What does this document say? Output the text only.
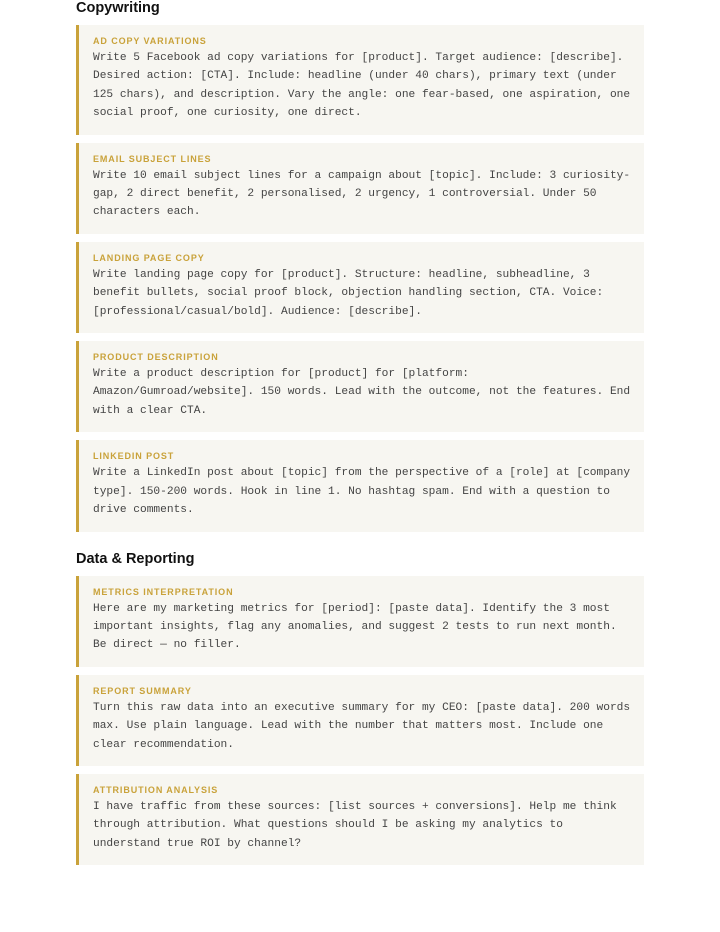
Copywriting
AD COPY VARIATIONS
Write 5 Facebook ad copy variations for [product]. Target audience: [describe]. Desired action: [CTA]. Include: headline (under 40 chars), primary text (under 125 chars), and description. Vary the angle: one fear-based, one aspiration, one social proof, one curiosity, one direct.
EMAIL SUBJECT LINES
Write 10 email subject lines for a campaign about [topic]. Include: 3 curiosity-gap, 2 direct benefit, 2 personalised, 2 urgency, 1 controversial. Under 50 characters each.
LANDING PAGE COPY
Write landing page copy for [product]. Structure: headline, subheadline, 3 benefit bullets, social proof block, objection handling section, CTA. Voice: [professional/casual/bold]. Audience: [describe].
PRODUCT DESCRIPTION
Write a product description for [product] for [platform: Amazon/Gumroad/website]. 150 words. Lead with the outcome, not the features. End with a clear CTA.
LINKEDIN POST
Write a LinkedIn post about [topic] from the perspective of a [role] at [company type]. 150-200 words. Hook in line 1. No hashtag spam. End with a question to drive comments.
Data & Reporting
METRICS INTERPRETATION
Here are my marketing metrics for [period]: [paste data]. Identify the 3 most important insights, flag any anomalies, and suggest 2 tests to run next month. Be direct — no filler.
REPORT SUMMARY
Turn this raw data into an executive summary for my CEO: [paste data]. 200 words max. Use plain language. Lead with the number that matters most. Include one clear recommendation.
ATTRIBUTION ANALYSIS
I have traffic from these sources: [list sources + conversions]. Help me think through attribution. What questions should I be asking my analytics to understand true ROI by channel?
